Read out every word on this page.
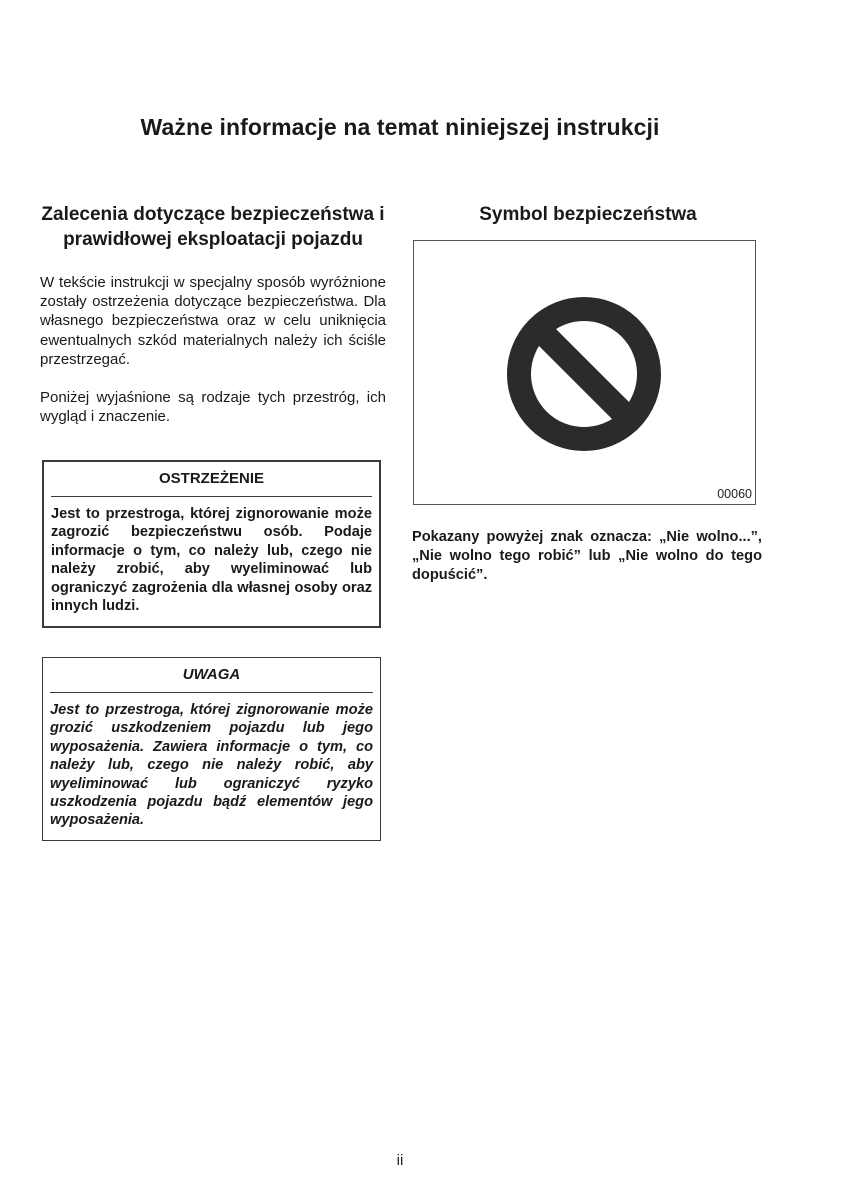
Ważne informacje na temat niniejszej instrukcji
Zalecenia dotyczące bezpieczeństwa i prawidłowej eksploatacji pojazdu

W tekście instrukcji w specjalny sposób wyróżnione zostały ostrzeżenia dotyczące bezpieczeństwa. Dla własnego bezpieczeństwa oraz w celu uniknięcia ewentualnych szkód materialnych należy ich ściśle przestrzegać.

Poniżej wyjaśnione są rodzaje tych przestróg, ich wygląd i znaczenie.

OSTRZEŻENIE

Jest to przestroga, której zignorowanie może zagrozić bezpieczeństwu osób. Podaje informacje o tym, co należy lub, czego nie należy zrobić, aby wyeliminować lub ograniczyć zagrożenia dla własnej osoby oraz innych ludzi.

UWAGA

Jest to przestroga, której zignorowanie może grozić uszkodzeniem pojazdu lub jego wyposażenia. Zawiera informacje o tym, co należy lub, czego nie należy robić, aby wyeliminować lub ograniczyć ryzyko uszkodzenia pojazdu bądź elementów jego wyposażenia.

Symbol bezpieczeństwa
00060

Pokazany powyżej znak oznacza: „Nie wolno...”, „Nie wolno tego robić” lub „Nie wolno do tego dopuścić”.

ii
